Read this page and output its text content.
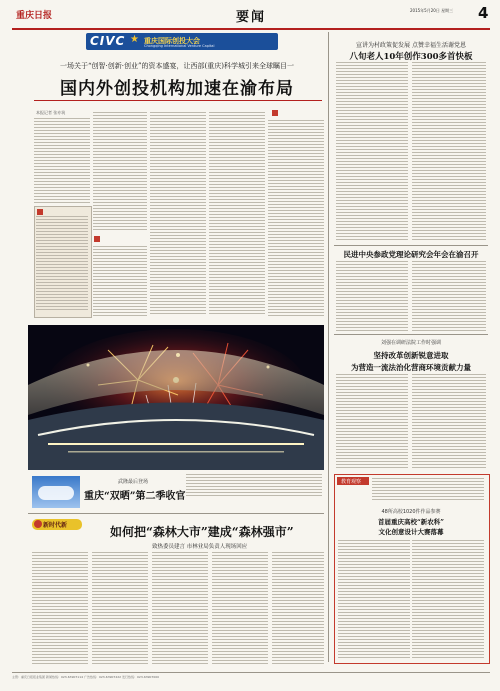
重庆日报	要闻	2015年5月20日 星期三	4
CIVC ★ 重庆国际创投大会
Chongqing International Venture Capital
一场关于“创智·创新·创业”的资本盛宴，让西部(重庆)科学城引来全球瞩目一
国内外创投机构加速在渝布局
本报记者 张亦筑
宣讲为村政策促发展 点赞幸福生活谢党恩
八旬老人10年创作300多首快板
民进中央参政党理论研究会年会在渝召开
刘强在调研法院工作时强调
坚持改革创新锐意进取
为营造一流法治化营商环境贡献力量
武隆最后登场
重庆“双晒”第二季收官
新时代新	如何把“森林大市”建成“森林强市”
致热委员建言 市林业局负责人现场回应
教育观察
48所高校1020件作品参赛
首届重庆高校“新农科”
文化创意设计大赛落幕
主管：重庆日报报业集团 新闻热线：023-63907114 广告热线：023-63907222 发行热线：023-63907000
